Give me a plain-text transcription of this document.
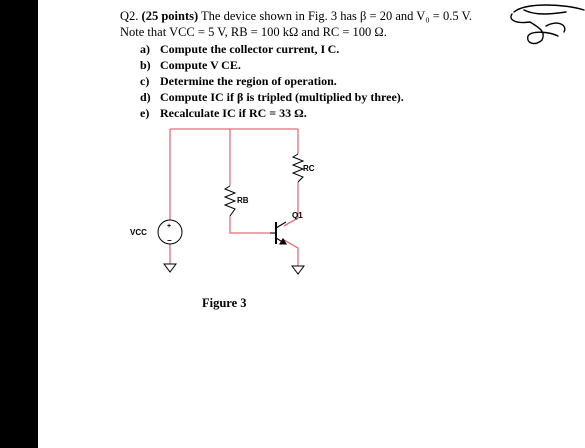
Q2. (25 points) The device shown in Fig. 3 has β = 20 and V₀ = 0.5 V.
Note that VCC = 5 V, RB = 100 kΩ and RC = 100 Ω.
a) Compute the collector current, I C.
b) Compute V CE.
c) Determine the region of operation.
d) Compute IC if β is tripled (multiplied by three).
e) Recalculate IC if RC = 33 Ω.
+
−
RC
RB
Q1
VCC
Figure 3
